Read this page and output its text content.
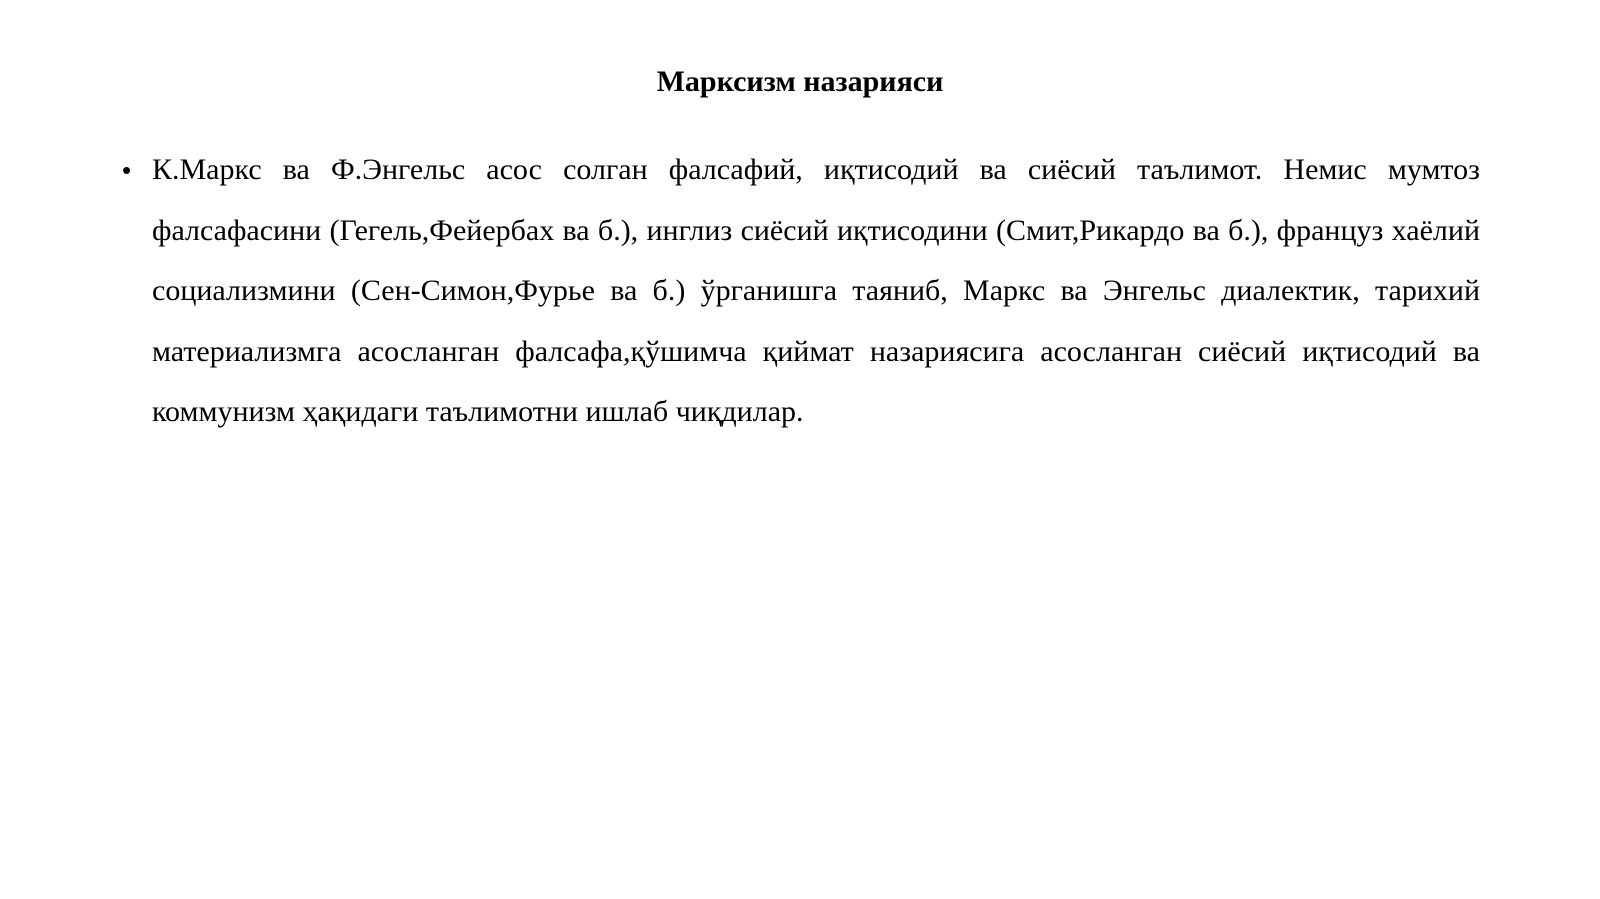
Марксизм назарияси
• К.Маркс ва Ф.Энгельс асос солган фалсафий, иқтисодий ва сиёсий таълимот. Немис мумтоз фалсафасини (Гегель,Фейербах ва б.), инглиз сиёсий иқтисодини (Смит,Рикардо ва б.), француз хаёлий социализмини (Сен-Симон,Фурье ва б.) ўрганишга таяниб, Маркс ва Энгельс диалектик, тарихий материализмга асосланган фалсафа,қўшимча қиймат назариясига асосланган сиёсий иқтисодий ва коммунизм ҳақидаги таълимотни ишлаб чиқдилар.
